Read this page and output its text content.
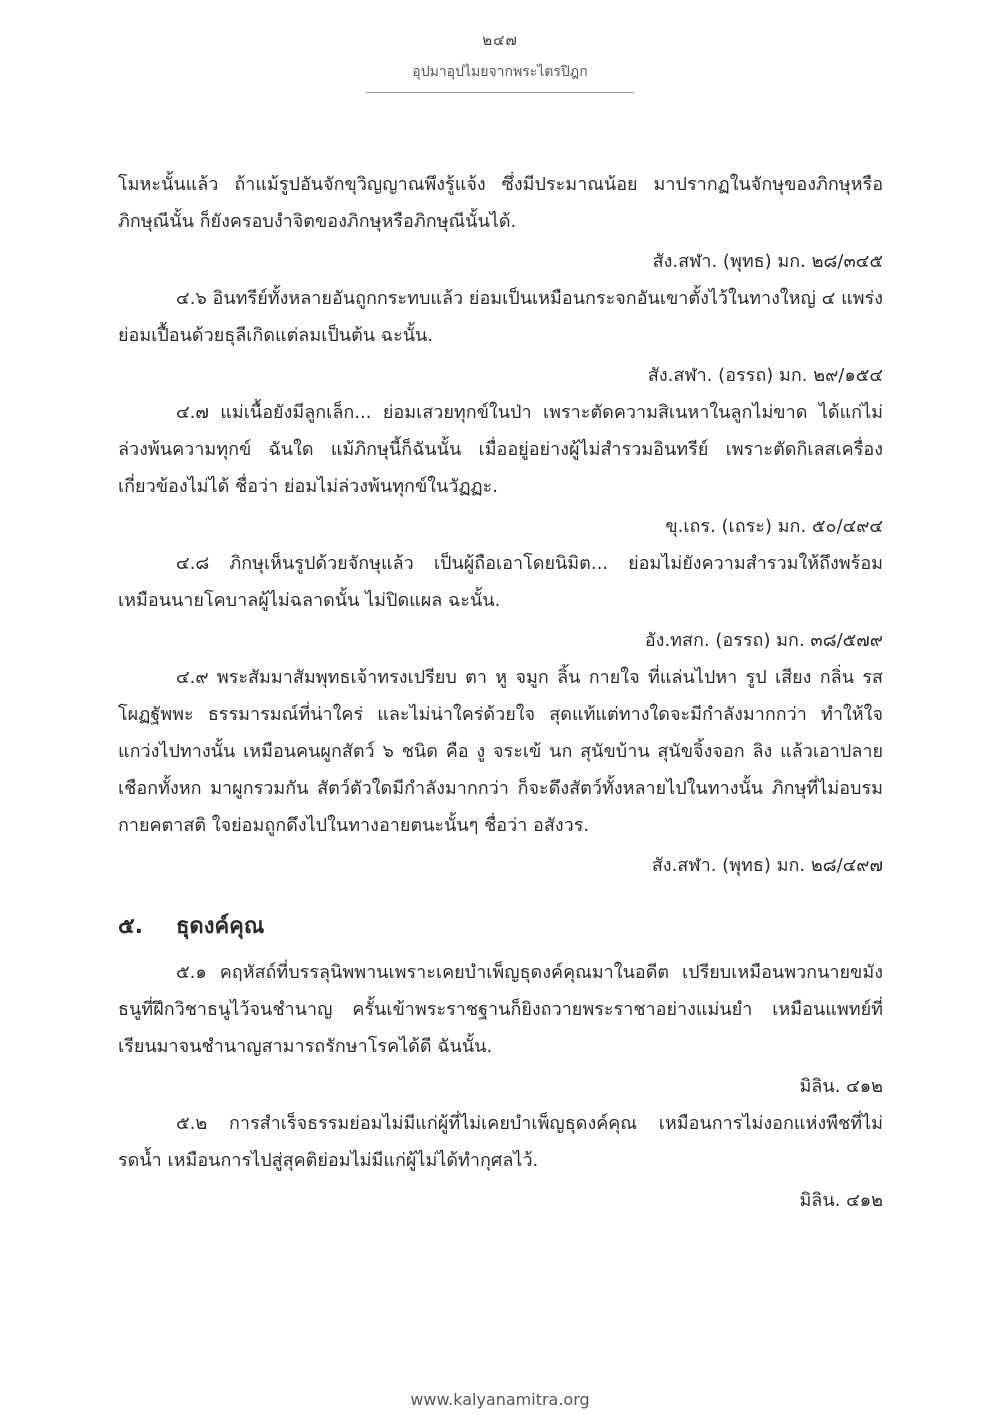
๒๔๗
อุปมาอุปไมยจากพระไตรปิฎก

โมหะนั้นแล้ว ถ้าแม้รูปอันจักขุวิญญาณพึงรู้แจ้ง ซึ่งมีประมาณน้อย มาปรากฏในจักษุของภิกษุหรือภิกษุณีนั้น ก็ยังครอบงำจิตของภิกษุหรือภิกษุณีนั้นได้.

สัง.สฬา. (พุทธ) มก. ๒๘/๓๔๕

๔.๖ อินทรีย์ทั้งหลายอันถูกกระทบแล้ว ย่อมเป็นเหมือนกระจกอันเขาตั้งไว้ในทางใหญ่ ๔ แพร่ง ย่อมเปื้อนด้วยธุลีเกิดแต่ลมเป็นต้น ฉะนั้น.

สัง.สฬา. (อรรถ) มก. ๒๙/๑๕๔

๔.๗ แม่เนื้อยังมีลูกเล็ก... ย่อมเสวยทุกข์ในป่า เพราะตัดความสิเนหาในลูกไม่ขาด ได้แก่ไม่ล่วงพ้นความทุกข์ ฉันใด แม้ภิกษุนี้ก็ฉันนั้น เมื่ออยู่อย่างผู้ไม่สำรวมอินทรีย์ เพราะตัดกิเลสเครื่องเกี่ยวข้องไม่ได้ ชื่อว่า ย่อมไม่ล่วงพ้นทุกข์ในวัฏฏะ.

ขุ.เถร. (เถระ) มก. ๕๐/๔๙๔

๔.๘ ภิกษุเห็นรูปด้วยจักษุแล้ว เป็นผู้ถือเอาโดยนิมิต... ย่อมไม่ยังความสำรวมให้ถึงพร้อม เหมือนนายโคบาลผู้ไม่ฉลาดนั้น ไม่ปิดแผล ฉะนั้น.

อัง.ทสก. (อรรถ) มก. ๓๘/๕๗๙

๔.๙ พระสัมมาสัมพุทธเจ้าทรงเปรียบ ตา หู จมูก ลิ้น กายใจ ที่แล่นไปหา รูป เสียง กลิ่น รส โผฏฐัพพะ ธรรมารมณ์ที่น่าใคร่ และไม่น่าใคร่ด้วยใจ สุดแท้แต่ทางใดจะมีกำลังมากกว่า ทำให้ใจแกว่งไปทางนั้น เหมือนคนผูกสัตว์ ๖ ชนิด คือ งู จระเข้ นก สุนัขบ้าน สุนัขจิ้งจอก ลิง แล้วเอาปลายเชือกทั้งหก มาผูกรวมกัน สัตว์ตัวใดมีกำลังมากกว่า ก็จะดึงสัตว์ทั้งหลายไปในทางนั้น ภิกษุที่ไม่อบรมกายคตาสติ ใจย่อมถูกดึงไปในทางอายตนะนั้นๆ ชื่อว่า อสังวร.

สัง.สฬา. (พุทธ) มก. ๒๘/๔๙๗
๕. ธุดงค์คุณ

๕.๑ คฤหัสถ์ที่บรรลุนิพพานเพราะเคยบำเพ็ญธุดงค์คุณมาในอดีต เปรียบเหมือนพวกนายขมังธนูที่ฝึกวิชาธนูไว้จนชำนาญ ครั้นเข้าพระราชฐานก็ยิงถวายพระราชาอย่างแม่นยำ เหมือนแพทย์ที่เรียนมาจนชำนาญสามารถรักษาโรคได้ดี ฉันนั้น.

มิลิน. ๔๑๒

๕.๒ การสำเร็จธรรมย่อมไม่มีแก่ผู้ที่ไม่เคยบำเพ็ญธุดงค์คุณ เหมือนการไม่งอกแห่งพืชที่ไม่รดน้ำ เหมือนการไปสู่สุคติย่อมไม่มีแก่ผู้ไม่ได้ทำกุศลไว้.

มิลิน. ๔๑๒
www.kalyanamitra.org
